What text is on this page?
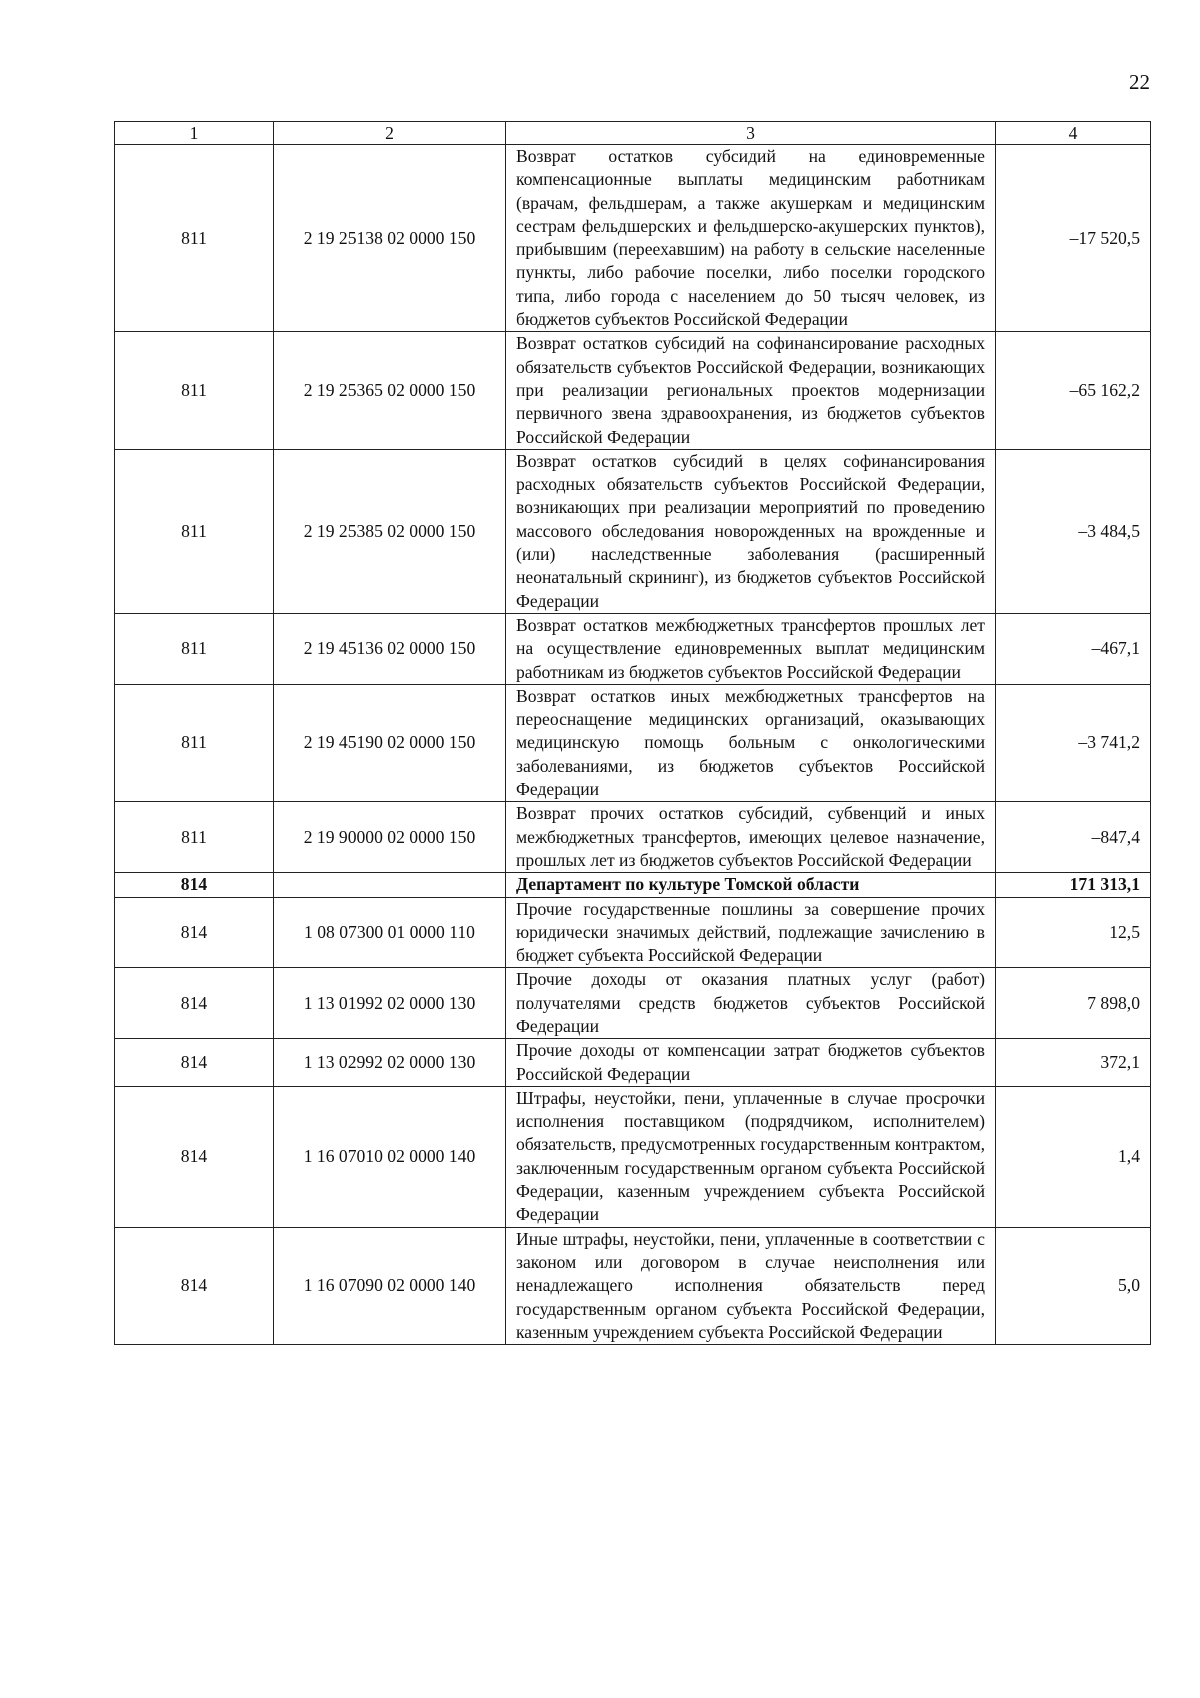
22
1	2	3	4
811	2 19 25138 02 0000 150	Возврат остатков субсидий на единовременные компенсационные выплаты медицинским работникам (врачам, фельдшерам, а также акушеркам и медицинским сестрам фельдшерских и фельдшерско-акушерских пунктов), прибывшим (переехавшим) на работу в сельские населенные пункты, либо рабочие поселки, либо поселки городского типа, либо города с населением до 50 тысяч человек, из бюджетов субъектов Российской Федерации	–17 520,5
811	2 19 25365 02 0000 150	Возврат остатков субсидий на софинансирование расходных обязательств субъектов Российской Федерации, возникающих при реализации региональных проектов модернизации первичного звена здравоохранения, из бюджетов субъектов Российской Федерации	–65 162,2
811	2 19 25385 02 0000 150	Возврат остатков субсидий в целях софинансирования расходных обязательств субъектов Российской Федерации, возникающих при реализации мероприятий по проведению массового обследования новорожденных на врожденные и (или) наследственные заболевания (расширенный неонатальный скрининг), из бюджетов субъектов Российской Федерации	–3 484,5
811	2 19 45136 02 0000 150	Возврат остатков межбюджетных трансфертов прошлых лет на осуществление единовременных выплат медицинским работникам из бюджетов субъектов Российской Федерации	–467,1
811	2 19 45190 02 0000 150	Возврат остатков иных межбюджетных трансфертов на переоснащение медицинских организаций, оказывающих медицинскую помощь больным с онкологическими заболеваниями, из бюджетов субъектов Российской Федерации	–3 741,2
811	2 19 90000 02 0000 150	Возврат прочих остатков субсидий, субвенций и иных межбюджетных трансфертов, имеющих целевое назначение, прошлых лет из бюджетов субъектов Российской Федерации	–847,4
814		Департамент по культуре Томской области	171 313,1
814	1 08 07300 01 0000 110	Прочие государственные пошлины за совершение прочих юридически значимых действий, подлежащие зачислению в бюджет субъекта Российской Федерации	12,5
814	1 13 01992 02 0000 130	Прочие доходы от оказания платных услуг (работ) получателями средств бюджетов субъектов Российской Федерации	7 898,0
814	1 13 02992 02 0000 130	Прочие доходы от компенсации затрат бюджетов субъектов Российской Федерации	372,1
814	1 16 07010 02 0000 140	Штрафы, неустойки, пени, уплаченные в случае просрочки исполнения поставщиком (подрядчиком, исполнителем) обязательств, предусмотренных государственным контрактом, заключенным государственным органом субъекта Российской Федерации, казенным учреждением субъекта Российской Федерации	1,4
814	1 16 07090 02 0000 140	Иные штрафы, неустойки, пени, уплаченные в соответствии с законом или договором в случае неисполнения или ненадлежащего исполнения обязательств перед государственным органом субъекта Российской Федерации, казенным учреждением субъекта Российской Федерации	5,0
